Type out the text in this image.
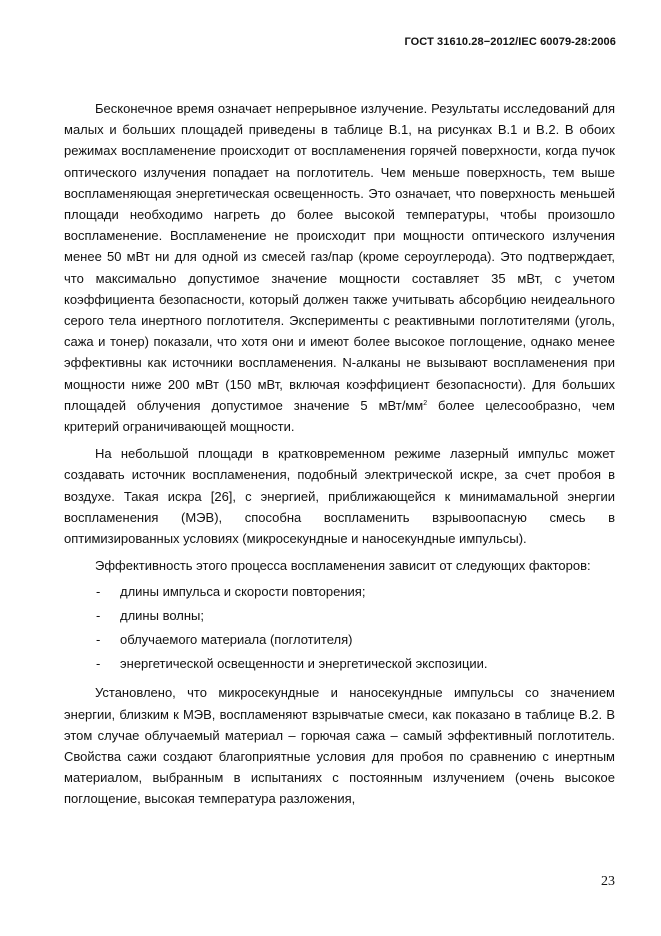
ГОСТ 31610.28−2012/IEC 60079-28:2006

Бесконечное время означает непрерывное излучение. Результаты исследований для малых и больших площадей приведены в таблице В.1, на рисунках В.1 и В.2. В обоих режимах воспламенение происходит от воспламенения горячей поверхности, когда пучок оптического излучения попадает на поглотитель. Чем меньше поверхность, тем выше воспламеняющая энергетическая освещенность. Это означает, что поверхность меньшей площади необходимо нагреть до более высокой температуры, чтобы произошло воспламенение. Воспламенение не происходит при мощности оптического излучения менее 50 мВт ни для одной из смесей газ/пар (кроме сероуглерода). Это подтверждает, что максимально допустимое значение мощности составляет 35 мВт, с учетом коэффициента безопасности, который должен также учитывать абсорбцию неидеального серого тела инертного поглотителя. Эксперименты с реактивными поглотителями (уголь, сажа и тонер) показали, что хотя они и имеют более высокое поглощение, однако менее эффективны как источники воспламенения. N-алканы не вызывают воспламенения при мощности ниже 200 мВт (150 мВт, включая коэффициент безопасности). Для больших площадей облучения допустимое значение 5 мВт/$мм^2$ более целесообразно, чем критерий ограничивающей мощности.

На небольшой площади в кратковременном режиме лазерный импульс может создавать источник воспламенения, подобный электрической искре, за счет пробоя в воздухе. Такая искра [26], с энергией, приближающейся к минимамальной энергии воспламенения (МЭВ), способна воспламенить взрывоопасную смесь в оптимизированных условиях (микросекундные и наносекундные импульсы).

Эффективность этого процесса воспламенения зависит от следующих факторов:

- длины импульса и скорости повторения;
- длины волны;
- облучаемого материала (поглотителя)
- энергетической освещенности и энергетической экспозиции.

Установлено, что микросекундные и наносекундные импульсы со значением энергии, близким к МЭВ, воспламеняют взрывчатые смеси, как показано в таблице В.2. В этом случае облучаемый материал – горючая сажа – самый эффективный поглотитель. Свойства сажи создают благоприятные условия для пробоя по сравнению с инертным материалом, выбранным в испытаниях с постоянным излучением (очень высокое поглощение, высокая температура разложения,

23
